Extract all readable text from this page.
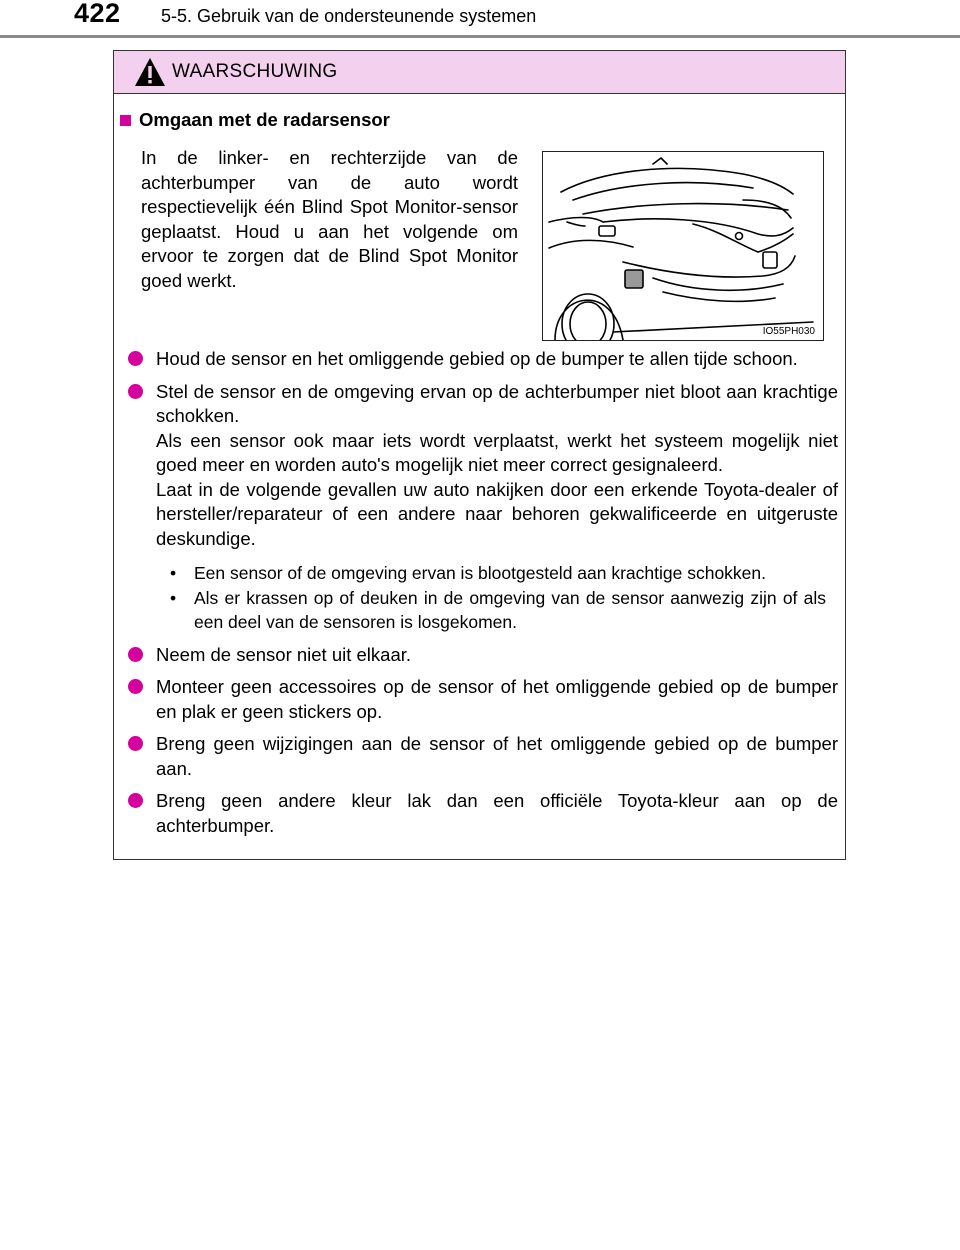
422 5-5. Gebruik van de ondersteunende systemen
WAARSCHUWING
Omgaan met de radarsensor
In de linker- en rechterzijde van de achterbumper van de auto wordt respectievelijk één Blind Spot Monitor-sensor geplaatst. Houd u aan het volgende om ervoor te zorgen dat de Blind Spot Monitor goed werkt.
IO55PH030

Houd de sensor en het omliggende gebied op de bumper te allen tijde schoon.

Stel de sensor en de omgeving ervan op de achterbumper niet bloot aan krachtige schokken.

Als een sensor ook maar iets wordt verplaatst, werkt het systeem mogelijk niet goed meer en worden auto's mogelijk niet meer correct gesignaleerd.

Laat in de volgende gevallen uw auto nakijken door een erkende Toyota-dealer of hersteller/reparateur of een andere naar behoren gekwalificeerde en uitgeruste deskundige.

• Een sensor of de omgeving ervan is blootgesteld aan krachtige schokken.
• Als er krassen op of deuken in de omgeving van de sensor aanwezig zijn of als een deel van de sensoren is losgekomen.

Neem de sensor niet uit elkaar.

Monteer geen accessoires op de sensor of het omliggende gebied op de bumper en plak er geen stickers op.

Breng geen wijzigingen aan de sensor of het omliggende gebied op de bumper aan.

Breng geen andere kleur lak dan een officiële Toyota-kleur aan op de achterbumper.
